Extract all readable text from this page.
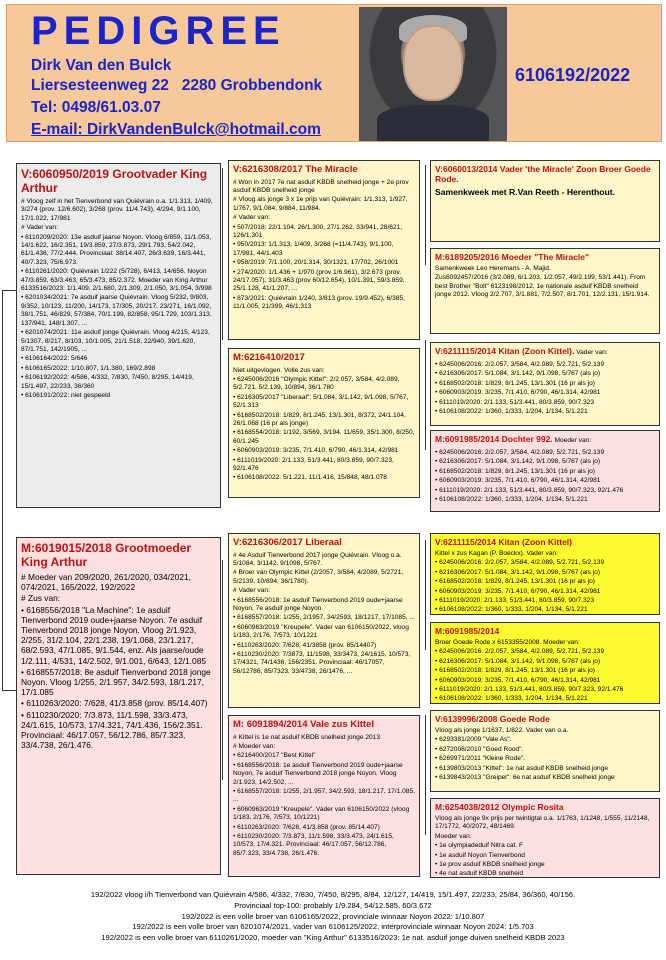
PEDIGREE
Dirk Van den Bulck
Liersesteenweg 22 2280 Grobbendonk
Tel: 0498/61.03.07
E-mail: DirkVandenBulck@hotmail.com
6106192/2022
V:6060950/2019 Grootvader King Arthur

# Vloog zelf in het Tienverbond van Quiévrain o.a. 1/1.313, 1/409, 3/274 (prov. 12/6.602), 3/268 (prov. 11/4.743), 4/294, 9/1.100, 17/1.022, 17/981

# Vader van:

• 6110209/2020: 13e asduif jaarse Noyon. Vloog 6/859, 11/1.053, 14/1.622, 16/2.351, 19/3.859, 27/3.873, 29/1.793, 54/2.042, 61/1.436, 77/2.444. Provinciaal: 38/14.407, 26/3.639, 16/3.441, 40/7.323, 75/6.973.

• 6110261/2020: Quiévrain 1/222 (5/728), 6/413, 14/656. Noyon 47/3.859, 63/3.463, 65/3.473, 85/2.372. Moeder van King Arthur 6133516/2023: 1/1.409, 2/1.680, 2/1.309, 2/1.050, 3/1.054, 3/998

• 6201034/2021: 7e asduif jaarse Quiévrain. Vloog 5/232, 9/803, 9/352, 10/123, 11/200, 14/173, 17/305, 20/217, 23/271, 16/1.092, 38/1.751, 46/829, 57/384, 70/1.199, 82/858, 95/1.729, 103/1.313, 137/941, 148/1.307, ...

• 6201074/2021: 11e asduif jonge Quiévrain. Vloog 4/215, 4/123, 5/1307, 8/217, 8/103, 10/1.005, 21/1.518, 22/940, 39/1.620, 87/1.751, 142/1905, ...

• 6106164/2022: 5/646

• 6106165/2022: 1/10.807, 1/1.380, 169/2.898

• 6106192/2022: 4/586, 4/332, 7/830, 7/450, 8/295, 14/419, 15/1.497, 22/233, 36/360

• 6106191/2022: niet gespeeld

M:6019015/2018 Grootmoeder King Arthur

# Moeder van 209/2020, 261/2020, 034/2021, 074/2021, 165/2022, 192/2022

# Zus van:

• 6168556/2018 "La Machine": 1e asduif Tienverbond 2019 oude+jaarse Noyon. 7e asduif Tienverbond 2018 jonge Noyon. Vloog 2/1.923, 2/255, 31/2.104, 22/1.238, 19/1.068, 23/1.217, 68/2.593, 47/1.085, 9/1.544, enz. Als jaarse/oude 1/2.111, 4/531, 14/2.502, 9/1.001, 6/643, 12/1.085

• 6168557/2018: 8e asduif Tienverbond 2018 jonge Noyon. Vloog 1/255, 2/1.957, 34/2.593, 18/1.217, 17/1.085

• 6110263/2020: 7/628, 41/3.858 (prov. 85/14.407)

• 6110230/2020: 7/3.873, 11/1.598, 33/3.473, 24/1.615, 10/573, 17/4.321, 74/1.436, 156/2.351. Provinciaal: 46/17.057, 56/12.786, 85/7.323, 33/4.738, 26/1.476.

V:6216308/2017 The Miracle

# Won in 2017 7e nat asduif KBDB snelheid jonge + 2e prov asduif KBDB snelheid jonge

# Vloog als jonge 3 x 1e prijs van Quiévrain: 1/1.313, 1/927, 1/767, 9/1.084, 9/884, 11/984.

# Vader van:

• 507/2018: 22/1.104, 26/1.300, 27/1.262, 33/941, 28/621, 126/1.301

• 950/2013: 1/1.313, 1/409, 3/268 (=11/4.743), 9/1.100, 17/981, 44/1.403

• 958/2019: 7/1.100, 20/1.314, 30/1321, 17/702, 26/1001

• 274/2020: 1/1.436 + 1/970 (prov 1/6.961), 3/2.673 (prov. 24/17.057), 31/3.463 (prov 60/12.654), 10/1.391, 59/3.859, 25/1.128, 41/1.207, ...

• 873/2021: Quiévrain 1/240, 3/813 (prov. 19/9.452), 6/385, 11/1.005, 21/399, 46/1.313

M:6216410/2017

Niet uitgevlogen. Volle zus van:

• 6245006/2016 "Olympic Kittel": 2/2.057, 3/584, 4/2.089, 5/2.721, 5/2.139, 10/894, 36/1.780

• 6216305/2017 "Liberaal": 5/1.084, 3/1.142, 9/1.098, 5/767, 52/1.313

• 6168502/2018: 1/829, 8/1.245, 13/1.301, 8/372, 24/1.104, 26/1.068 (16 pr als jonge)

• 6168554/2018: 1/192, 3/569, 3/194, 11/659, 35/1.300, 8/250, 60/1.245

• 6060903/2019: 3/235, 7/1.410, 6/790, 46/1.314, 42/981

• 6111019/2020: 2/1.133, 51/3.441, 80/3.859, 90/7.323, 92/1.476

• 6106108/2022: 5/1.221, 11/1.416, 15/848, 48/1.078

V:6216306/2017 Liberaal

# 4e Asduif Tienverbond 2017 jonge Quiévrain. Vloog o.a. 5/1084, 3/1142, 9/1098, 5/767.

# Broer van Olympic Kittel (2/2057, 3/584, 4/2089, 5/2721, 5/2139, 10/894, 36/1780).

# Vader van:

• 6168556/2018: 1e asduif Tienverbond 2019 oude+jaarse Noyon, 7e asduif jonge Noyon

• 6168557/2018: 1/255, 2/1957, 34/2593, 18/1217, 17/1085, ...

• 6060963/2019 "Kreupele". Vader van 6106150/2022, vloog 1/183, 2/176, 7/573, 10/1221

• 6110263/2020: 7/628, 41/3858 (prov. 85/14407)

• 6110230/2020: 7/3873, 11/1598, 33/3473, 24/1615, 10/573, 17/4321, 74/1436, 156/2351. Provinciaal: 46/17057, 56/12786, 85/7323, 33/4738, 26/1476, ...

M: 6091894/2014 Vale zus Kittel

# Kittel is 1e nat asduif KBDB snelheid jonge 2013

# Moeder van:

• 6216400/2017 "Best Kittel"

• 6168556/2018: 1e asduif Tienverbond 2019 oude+jaarse Noyon, 7e asduif Tienverbond 2018 jonge Noyon. Vloog 2/1.923, 14/2.502, ...

• 6168557/2018: 1/255, 2/1.957, 34/2.593, 18/1.217, 17/1.085, ...

• 6060963/2019 "Kreupele". Vader van 6106150/2022 (vloog 1/183, 2/176, 7/573, 10/1221)

• 6110263/2020: 7/628, 41/3.858 (prov. 85/14.407)

• 6110230/2020: 7/3.873, 11/1.598, 33/3.473, 24/1.615, 10/573, 17/4.321. Provinciaal: 46/17.057, 56/12.786, 85/7.323, 33/4.738, 26/1.476.

V:6060013/2014 Vader 'the Miracle' Zoon Broer Goede Rode.
Samenkweek met R.Van Reeth - Herenthout.
M:6189205/2016 Moeder "The Miracle"

Samenkweek Leo Heremans - A. Majid.

Zus6092457/2016 (3/2.089, 6/1.203, 1/2.057, 49/2.199, 53/1.441). From best Brother "Bolt" 6123198/2012, 1e nationale asduif KBDB snelheid jonge 2012. Vloog 2/2.707, 3/1.881, 7/2.507, 8/1.701, 12/2.131, 15/1.914.

V:6211115/2014 Kitan (Zoon Kittel). Vader van:

• 6245006/2016: 2/2.057, 3/584, 4/2.089, 5/2.721, 5/2.139

• 6216306/2017: 5/1.084, 3/1.142, 9/1.098, 5/767 (als jo)

• 6168502/2018: 1/829, 8/1.245, 13/1.301 (16 pr als jo)

• 6060903/2019: 3/235, 7/1.410, 6/790, 46/1.314, 42/981

• 6111019/2020: 2/1.133, 51/3.441, 80/3.859, 90/7.323

• 6106108/2022: 1/360, 1/333, 1/204, 1/134, 5/1.221

M:6091985/2014 Dochter 992. Moeder van:

• 6245006/2016: 2/2.057, 3/584, 4/2.089, 5/2.721, 5/2.139

• 6216306/2017: 5/1.084, 3/1.142, 9/1.098, 5/767 (als jo)

• 6168502/2018: 1/829, 8/1.245, 13/1.301 (16 pr als jo)

• 6060903/2019: 3/235, 7/1.410, 6/790, 46/1.314, 42/981

• 6111019/2020: 2/1.133, 51/3.441, 80/3.859, 90/7.323, 92/1.476

• 6106108/2022: 1/360, 1/333, 1/204, 1/134, 5/1.221

V:6211115/2014 Kitan (Zoon Kittel)

Kittel x zus Kagan (P. Boeckx). Vader van:

• 6245006/2016: 2/2.057, 3/584, 4/2.089, 5/2.721, 5/2.139

• 6216306/2017: 5/1.084, 3/1.142, 9/1.098, 5/767 (als jo)

• 6168502/2018: 1/829, 8/1.245, 13/1.301 (16 pr als jo)

• 6060903/2019: 3/235, 7/1.410, 6/790, 46/1.314, 42/981

• 6111019/2020: 2/1.133, 51/3.441, 80/3.859, 90/7.323

• 6106108/2022: 1/360, 1/333, 1/204, 1/134, 5/1.221

M:6091985/2014

Broer Goede Rode x 6153355/2008. Moeder van:

• 6245006/2016: 2/2.057, 3/584, 4/2.089, 5/2.721, 5/2.139

• 6216306/2017: 5/1.084, 3/1.142, 9/1.098, 5/767 (als jo)

• 6168502/2018: 1/829, 8/1.245, 13/1.301 (16 pr als jo)

• 6060903/2019: 3/235, 7/1.410, 6/790, 46/1.314, 42/981

• 6111019/2020: 2/1.133, 51/3.441, 80/3.859, 90/7.323, 92/1.476

• 6106108/2022: 1/360, 1/333, 1/204, 1/134, 5/1.221

V:6139996/2008 Goede Rode

Vloog als jonge 1/1637, 1/822. Vader van o.a.

• 6293381/2009 "Vale As".

• 6272008/2010 "Goed Rood".

• 6269971/2011 "Kleine Rode".

• 6139803/2013 "Kittel": 1e nat asduif KBDB snelheid jonge

• 6139843/2013 "Greipel": 6e nat asduif KBDB snelheid jonge

M:6254038/2012 Olympic Rosita

Vloog als jonge 9x prijs per twintigtal o.a. 1/1763, 1/1248, 1/555, 11/2148, 17/1772, 40/2072, 48/1469.

Moeder van:

• 1e olympiadeduif Nitra cat. F

• 1e asduif Noyon Tienverbond

• 1e prov asduif KBDB snelheid jonge

• 4e nat asduif KBDB snelheid

192/2022 vloog i/h Tienverbond van Quiévrain 4/586, 4/332, 7/830, 7/450, 8/295, 8/84, 12/127, 14/419, 15/1.497, 22/233, 25/84, 36/360, 40/156.
Provinciaal top-100: probably 1/9.284, 54/12.585, 60/3.672
192/2022 is een volle broer van 6106165/2022, provinciale winnaar Noyon 2022: 1/10.807
192/2022 is een volle broer van 6201074/2021, vader van 6106125/2022, interprovinciale winnaar Noyon 2024: 1/5.703
192/2022 is een volle broer van 6110261/2020, moeder van "King Arthur" 6133516/2023: 1e nat. asduif jonge duiven snelheid KBDB 2023
